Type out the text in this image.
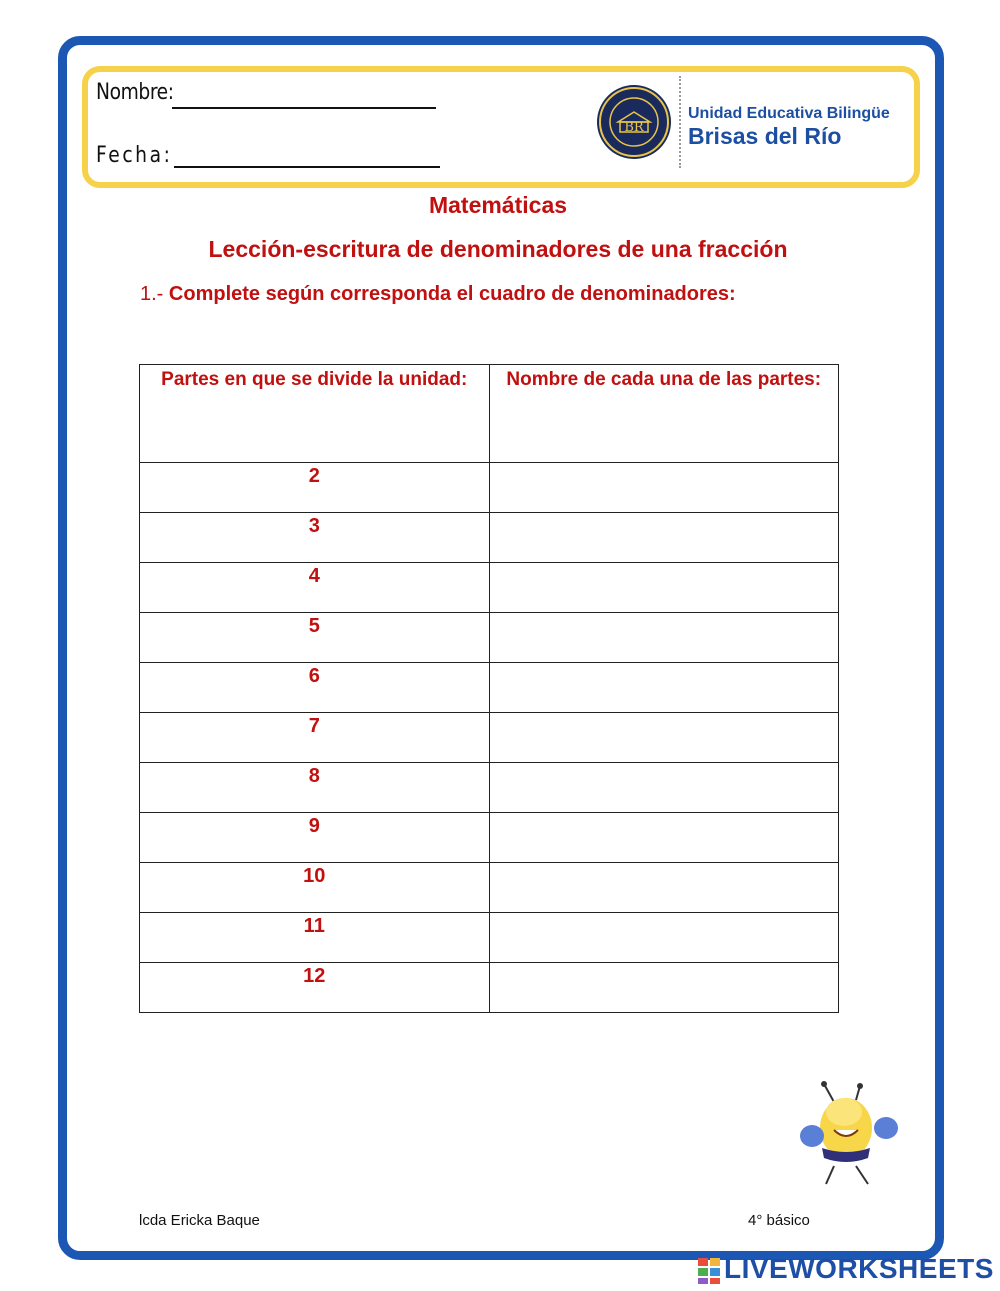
Nombre:
Fecha:
BR
Unidad Educativa Bilingüe
Brisas del Río
Matemáticas
Lección-escritura de denominadores de una fracción
1.- Complete según corresponda el cuadro de denominadores:
Partes en que se divide la unidad:	Nombre de cada una de las partes:
2	
3	
4	
5	
6	
7	
8	
9	
10	
11	
12	
lcda Ericka Baque	4° básico
LIVEWORKSHEETS
